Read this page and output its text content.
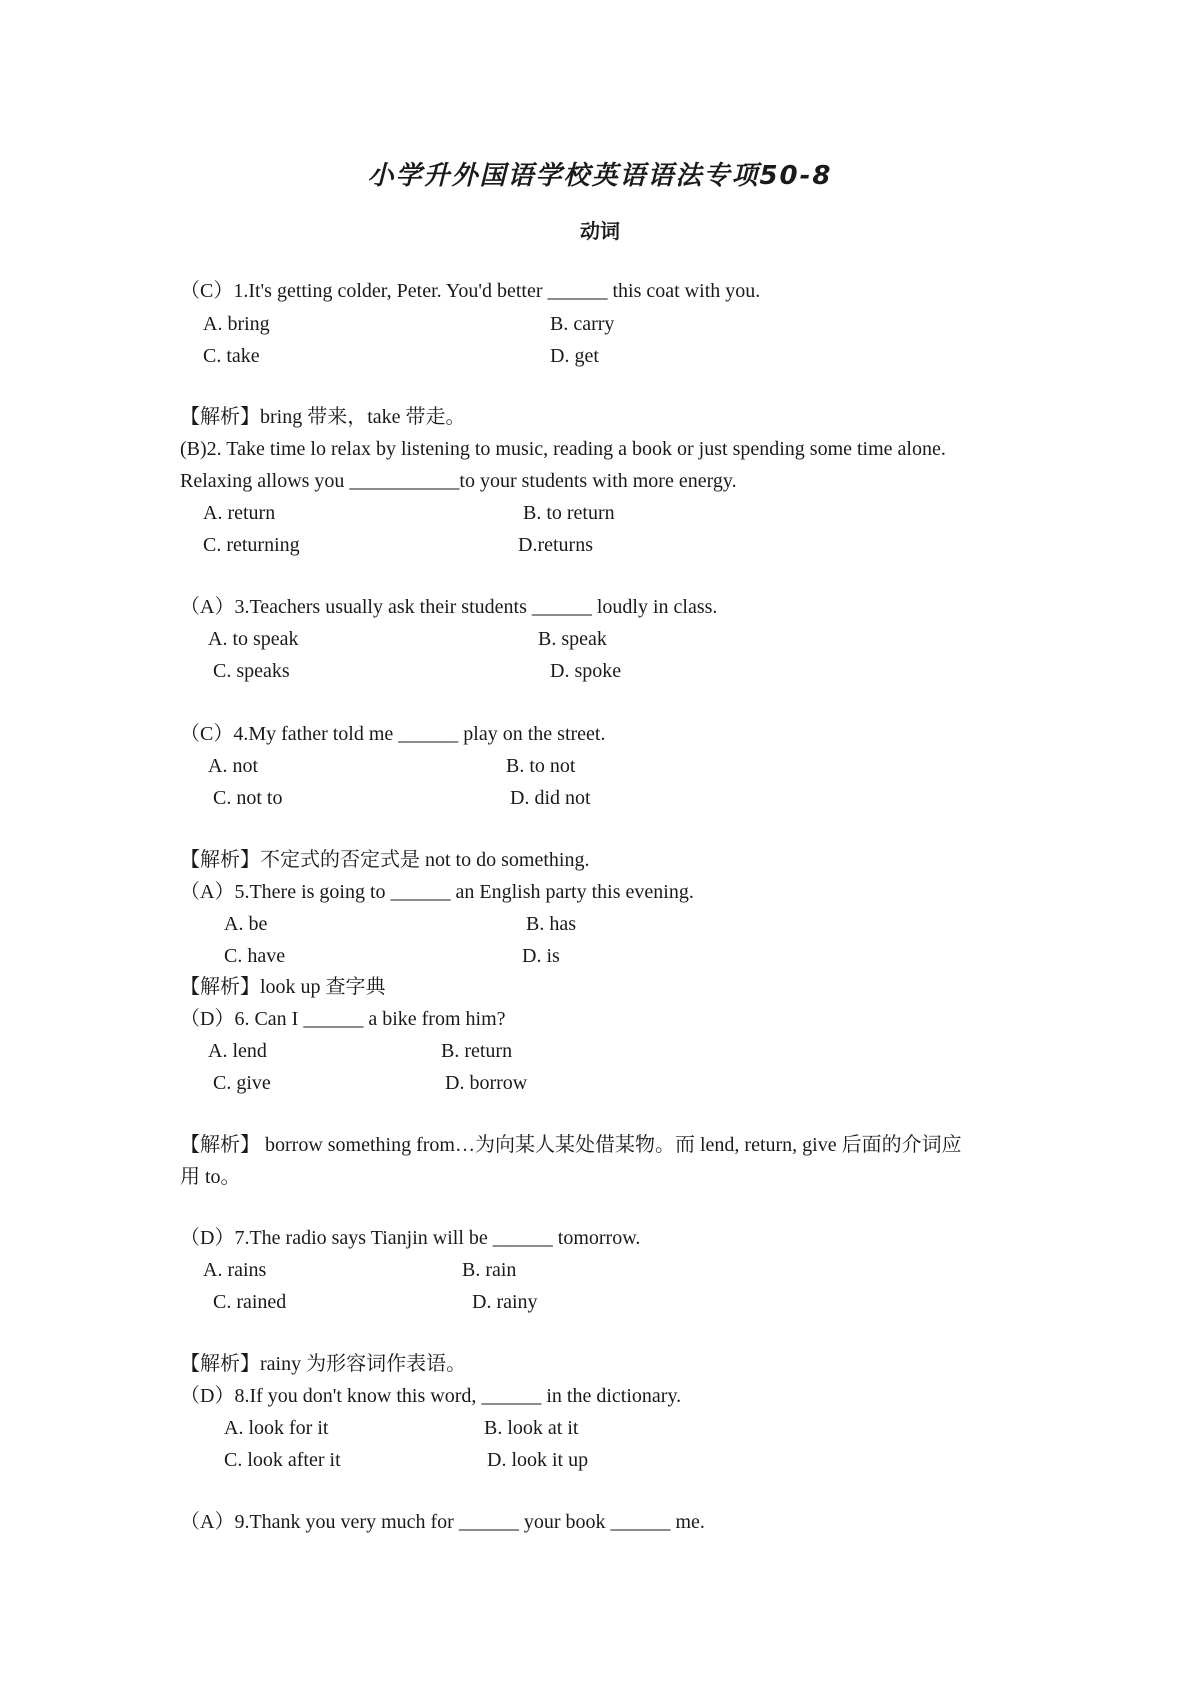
小学升外国语学校英语语法专项50-8
动词
（C）1.It's getting colder, Peter. You'd better ______ this coat with you.
A. bring	B. carry
C. take	D. get
【解析】bring 带来，take 带走。
(B)2. Take time lo relax by listening to music, reading a book or just spending some time alone.
Relaxing allows you ___________to your students with more energy.
A. return	B. to return
C. returning	D.returns
（A）3.Teachers usually ask their students ______ loudly in class.
A. to speak	B. speak
C. speaks	D. spoke
（C）4.My father told me ______ play on the street.
A. not	B. to not
C. not to	D. did not
【解析】不定式的否定式是 not to do something.
（A）5.There is going to ______ an English party this evening.
A. be	B. has
C. have	D. is
【解析】look up 查字典
（D）6. Can I ______ a bike from him?
A. lend	B. return
C. give	D. borrow
【解析】 borrow something from…为向某人某处借某物。而 lend, return, give 后面的介词应
用 to。
（D）7.The radio says Tianjin will be ______ tomorrow.
A. rains	B. rain
C. rained	D. rainy
【解析】rainy 为形容词作表语。
（D）8.If you don't know this word, ______ in the dictionary.
A. look for it	B. look at it
C. look after it	D. look it up
（A）9.Thank you very much for ______ your book ______ me.
